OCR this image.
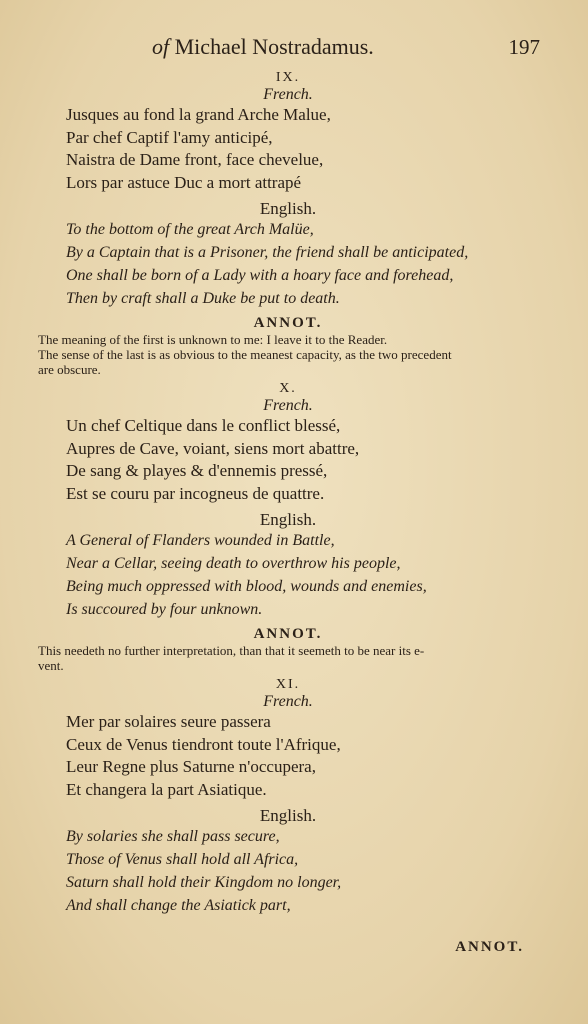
of Michael Nostradamus.	197
IX.
French.
Jusques au fond la grand Arche Malue,
Par chef Captif l'amy anticipé,
Naistra de Dame front, face chevelue,
Lors par astuce Duc a mort attrapé
English.
To the bottom of the great Arch Malüe,
By a Captain that is a Prisoner, the friend shall be anticipated,
One shall be born of a Lady with a hoary face and forehead,
Then by craft shall a Duke be put to death.
ANNOT.

The meaning of the first is unknown to me: I leave it to the Reader.

The sense of the last is as obvious to the meanest capacity, as the two precedent

are obscure.

X.
French.
Un chef Celtique dans le conflict blessé,
Aupres de Cave, voiant, siens mort abattre,
De sang & playes & d'ennemis pressé,
Est se couru par incogneus de quattre.
English.
A General of Flanders wounded in Battle,
Near a Cellar, seeing death to overthrow his people,
Being much oppressed with blood, wounds and enemies,
Is succoured by four unknown.
ANNOT.

This needeth no further interpretation, than that it seemeth to be near its e-

vent.

XI.
French.
Mer par solaires seure passera
Ceux de Venus tiendront toute l'Afrique,
Leur Regne plus Saturne n'occupera,
Et changera la part Asiatique.
English.
By solaries she shall pass secure,
Those of Venus shall hold all Africa,
Saturn shall hold their Kingdom no longer,
And shall change the Asiatick part,
ANNOT.
